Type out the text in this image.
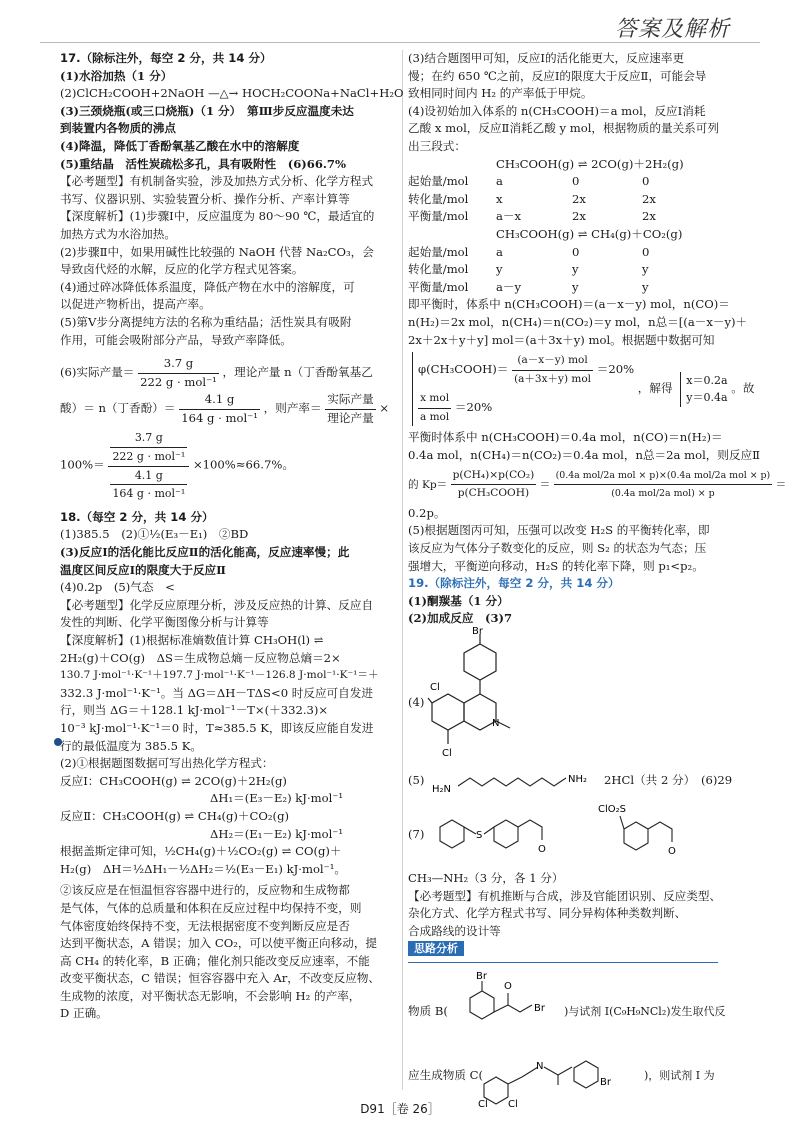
答案及解析
17.（除标注外，每空 2 分，共 14 分）
(1)水浴加热（1 分）
(2)ClCH₂COOH+2NaOH —△→ HOCH₂COONa+NaCl+H₂O
(3)三颈烧瓶(或三口烧瓶)（1 分）　第Ⅲ步反应温度未达
到装置内各物质的沸点
(4)降温，降低丁香酚氧基乙酸在水中的溶解度
(5)重结晶　活性炭疏松多孔，具有吸附性　(6)66.7%
【必考题型】有机制备实验，涉及加热方式分析、化学方程式
书写、仪器识别、实验装置分析、操作分析、产率计算等
【深度解析】(1)步骤Ⅰ中，反应温度为 80～90 ℃，最适宜的
加热方式为水浴加热。
(2)步骤Ⅱ中，如果用碱性比较强的 NaOH 代替 Na₂CO₃，会
导致卤代烃的水解，反应的化学方程式见答案。
(4)通过碎冰降低体系温度，降低产物在水中的溶解度，可
以促进产物析出，提高产率。
(5)第Ⅴ步分离提纯方法的名称为重结晶；活性炭具有吸附
作用，可能会吸附部分产品，导致产率降低。
(6)实际产量＝ $\frac{3.7 g}{\text{222 g · mol⁻¹}}$ ，理论产量 n（丁香酚氧基乙
酸）＝ n（丁香酚）＝ $\frac{4.1 g}{\text{164 g · mol⁻¹}}$ ，则产率＝ $\frac{\text{实际产量}}{\text{理论产量}}$ ×
$100\%= \frac{\frac{3.7 g}{\text{222 g · mol⁻¹}}}{\frac{4.1 g}{\text{164 g · mol⁻¹}}} \times 100\%\approx 66.7\%$。
18.（每空 2 分，共 14 分）
(1)385.5　(2)①½(E₃－E₁)　②BD
(3)反应Ⅰ的活化能比反应Ⅱ的活化能高，反应速率慢；此
温度区间反应Ⅰ的限度大于反应Ⅱ
(4)0.2p　(5)气态　<
【必考题型】化学反应原理分析，涉及反应热的计算、反应自
发性的判断、化学平衡图像分析与计算等
【深度解析】(1)根据标准熵数值计算 CH₃OH(l) ⇌
2H₂(g)＋CO(g)　ΔS＝生成物总熵－反应物总熵＝2×
130.7 J·mol⁻¹·K⁻¹＋197.7 J·mol⁻¹·K⁻¹－126.8 J·mol⁻¹·K⁻¹＝＋
332.3 J·mol⁻¹·K⁻¹。当 ΔG＝ΔH－TΔS<0 时反应可自发进
行，则当 ΔG＝＋128.1 kJ·mol⁻¹－T×(＋332.3)×
10⁻³ kJ·mol⁻¹·K⁻¹＝0 时，T≈385.5 K，即该反应能自发进
行的最低温度为 385.5 K。
(2)①根据题图数据可写出热化学方程式：
反应Ⅰ：CH₃COOH(g) ⇌ 2CO(g)＋2H₂(g)
ΔH₁＝(E₃－E₂) kJ·mol⁻¹
反应Ⅱ：CH₃COOH(g) ⇌ CH₄(g)＋CO₂(g)
ΔH₂＝(E₁－E₂) kJ·mol⁻¹
根据盖斯定律可知，½CH₄(g)＋½CO₂(g) ⇌ CO(g)＋
H₂(g)　ΔH＝½ΔH₁－½ΔH₂＝½(E₃－E₁) kJ·mol⁻¹。
②该反应是在恒温恒容容器中进行的，反应物和生成物都
是气体，气体的总质量和体积在反应过程中均保持不变，则
气体密度始终保持不变，无法根据密度不变判断反应是否
达到平衡状态，A 错误；加入 CO₂，可以使平衡正向移动，提
高 CH₄ 的转化率，B 正确；催化剂只能改变反应速率，不能
改变平衡状态，C 错误；恒容容器中充入 Ar，不改变反应物、
生成物的浓度，对平衡状态无影响，不会影响 H₂ 的产率，
D 正确。
(3)结合题图甲可知，反应Ⅰ的活化能更大，反应速率更
慢；在约 650 ℃之前，反应Ⅰ的限度大于反应Ⅱ，可能会导
致相同时间内 H₂ 的产率低于甲烷。
(4)设初始加入体系的 n(CH₃COOH)＝a mol，反应Ⅰ消耗
乙酸 x mol，反应Ⅱ消耗乙酸 y mol，根据物质的量关系可列
出三段式：
CH₃COOH(g) ⇌ 2CO(g)＋2H₂(g)
起始量/mol	a	0	0
转化量/mol	x	2x	2x
平衡量/mol	a－x	2x	2x
CH₃COOH(g) ⇌ CH₄(g)＋CO₂(g)
起始量/mol	a	0	0
转化量/mol	y	y	y
平衡量/mol	a－y	y	y
即平衡时，体系中 n(CH₃COOH)＝(a－x－y) mol，n(CO)＝
n(H₂)＝2x mol，n(CH₄)＝n(CO₂)＝y mol，n总＝[(a－x－y)＋
2x＋2x＋y＋y] mol＝(a＋3x＋y) mol。根据题中数据可知
φ(CH₃COOH)＝ $\frac{\text{(a－x－y) mol}}{\text{(a＋3x＋y) mol}} =20\%$
$\frac{\text{x mol}}{\text{a mol}} =20\%$
，解得
x＝0.2a
y＝0.4a
。故
平衡时体系中 n(CH₃COOH)＝0.4a mol，n(CO)＝n(H₂)＝
0.4a mol，n(CH₄)＝n(CO₂)＝0.4a mol，n总＝2a mol，则反应Ⅱ
的 $Kp= \frac{\text{p(CH₄)×p(CO₂)}}{\text{p(CH₃COOH)}} = \frac{\text{(0.4a mol/2a mol × p)×(0.4a mol/2a mol × p)}}{\text{(0.4a mol/2a mol) × p}}$ ＝
0.2p。
(5)根据题图丙可知，压强可以改变 H₂S 的平衡转化率，即
该反应为气体分子数变化的反应，则 S₂ 的状态为气态；压
强增大，平衡逆向移动，H₂S 的转化率下降，则 p₁<p₂。
19.（除标注外，每空 2 分，共 14 分）
(1)酮羰基（1 分）
(2)加成反应　(3)7
(4)
Br
Cl
Cl
N
(5)
H₂N
NH₂ 2HCl（共 2 分）　(6)29
(7)	S
O
ClO₂S
O
CH₃—NH₂（3 分，各 1 分）
【必考题型】有机推断与合成，涉及官能团识别、反应类型、
杂化方式、化学方程式书写、同分异构体种类数判断、
合成路线的设计等
思路分析
物质 B(
Br
O
Br )与试剂 I(C₉H₉NCl₂)发生取代反
应生成物质 C(
Cl Cl
N
Br
)，则试剂 I 为
D91［卷 26］
